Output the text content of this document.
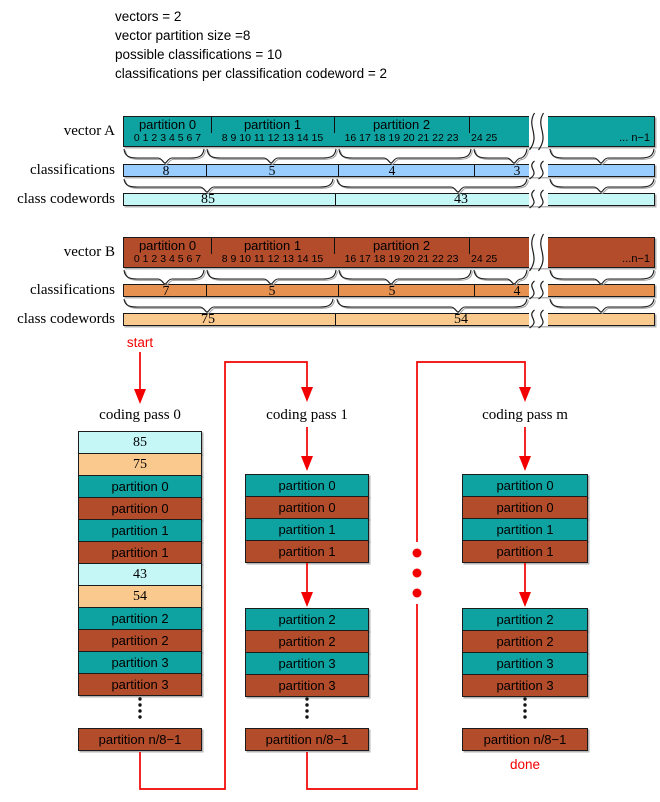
vectors = 2
vector partition size =8
possible classifications = 10
classifications per classification codeword = 2
vector A	partition 0	partition 1	partition 2
0 1 2 3 4 5 6 7	8 9 10 11 12 13 14 15	16 17 18 19 20 21 22 23	24 25	... n−1
classifications	8	5	4	3
class codewords	85	43
vector B	partition 0	partition 1	partition 2
0 1 2 3 4 5 6 7	8 9 10 11 12 13 14 15	16 17 18 19 20 21 22 23	24 25	...n−1
classifications	7	5	5	4
class codewords	75	54
start
done
coding pass 0	coding pass 1	coding pass m
85
75
partition 0
partition 0
partition 1
partition 1
43
54
partition 2
partition 2
partition 3
partition 3
partition n/8−1
partition 0
partition 0
partition 1
partition 1
partition 2
partition 2
partition 3
partition 3
partition n/8−1
partition 0
partition 0
partition 1
partition 1
partition 2
partition 2
partition 3
partition 3
partition n/8−1
